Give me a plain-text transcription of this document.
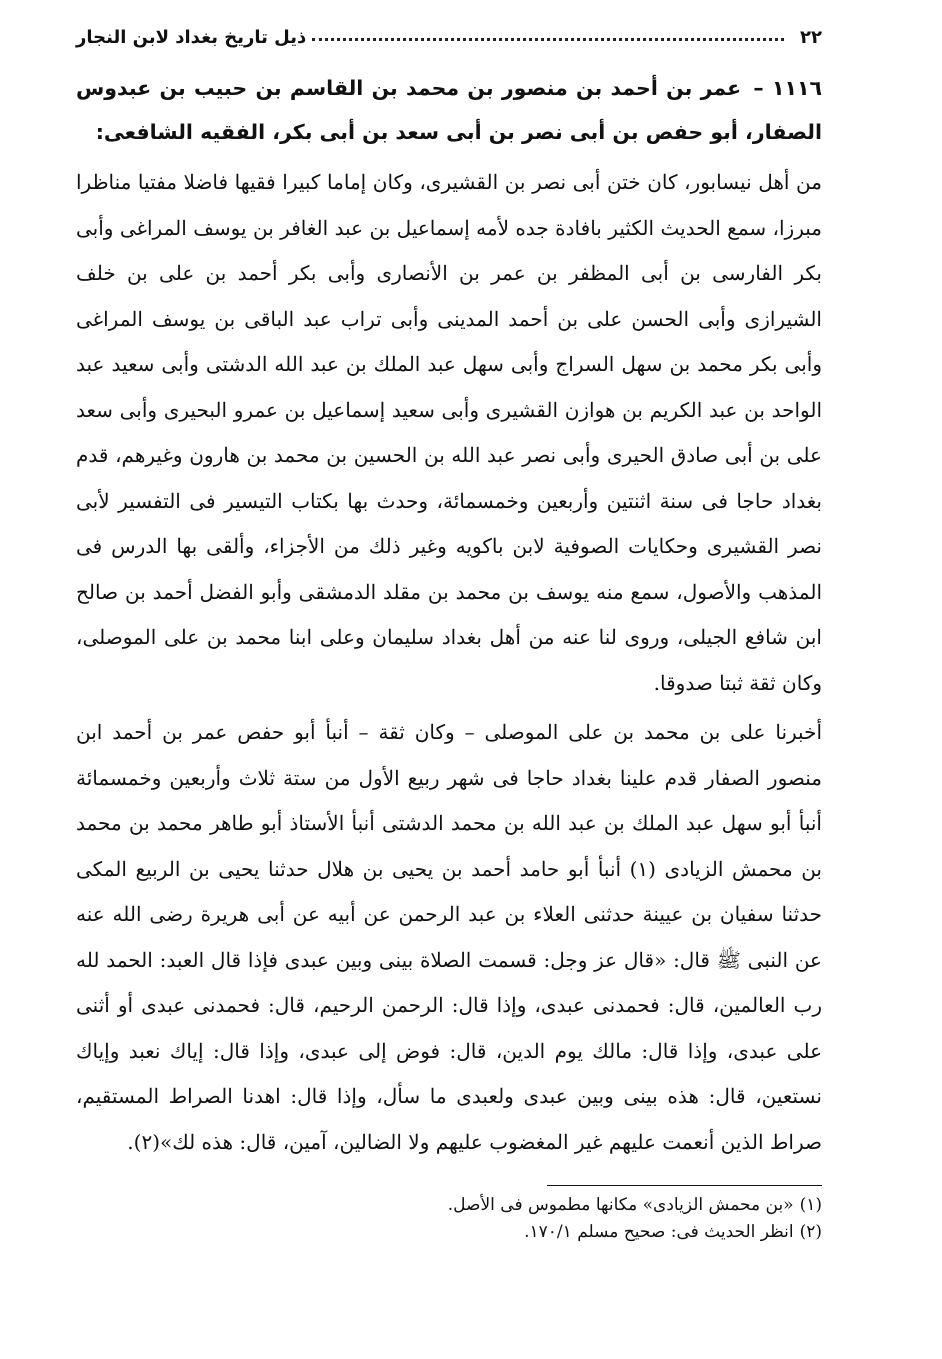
٢٢
ذيل تاريخ بغداد لابن النجار
١١١٦ – عمر بن أحمد بن منصور بن محمد بن القاسم بن حبيب بن عبدوس الصفار، أبو حفص بن أبى نصر بن أبى سعد بن أبى بكر، الفقيه الشافعى:

من أهل نيسابور، كان ختن أبى نصر بن القشيرى، وكان إماما كبيرا فقيها فاضلا مفتيا مناظرا مبرزا، سمع الحديث الكثير بافادة جده لأمه إسماعيل بن عبد الغافر بن يوسف المراغى وأبى بكر الفارسى بن أبى المظفر بن عمر بن الأنصارى وأبى بكر أحمد بن على بن خلف الشيرازى وأبى الحسن على بن أحمد المدينى وأبى تراب عبد الباقى بن يوسف المراغى وأبى بكر محمد بن سهل السراج وأبى سهل عبد الملك بن عبد الله الدشتى وأبى سعيد عبد الواحد بن عبد الكريم بن هوازن القشيرى وأبى سعيد إسماعيل بن عمرو البحيرى وأبى سعد على بن أبى صادق الحيرى وأبى نصر عبد الله بن الحسين بن محمد بن هارون وغيرهم، قدم بغداد حاجا فى سنة اثنتين وأربعين وخمسمائة، وحدث بها بكتاب التيسير فى التفسير لأبى نصر القشيرى وحكايات الصوفية لابن باكويه وغير ذلك من الأجزاء، وألقى بها الدرس فى المذهب والأصول، سمع منه يوسف بن محمد بن مقلد الدمشقى وأبو الفضل أحمد بن صالح ابن شافع الجيلى، وروى لنا عنه من أهل بغداد سليمان وعلى ابنا محمد بن على الموصلى، وكان ثقة ثبتا صدوقا.

أخبرنا على بن محمد بن على الموصلى – وكان ثقة – أنبأ أبو حفص عمر بن أحمد ابن منصور الصفار قدم علينا بغداد حاجا فى شهر ربيع الأول من ستة ثلاث وأربعين وخمسمائة أنبأ أبو سهل عبد الملك بن عبد الله بن محمد الدشتى أنبأ الأستاذ أبو طاهر محمد بن محمد بن محمش الزيادى (١) أنبأ أبو حامد أحمد بن يحيى بن هلال حدثنا يحيى بن الربيع المكى حدثنا سفيان بن عيينة حدثنى العلاء بن عبد الرحمن عن أبيه عن أبى هريرة رضى الله عنه عن النبى ﷺ قال: «قال عز وجل: قسمت الصلاة بينى وبين عبدى فإذا قال العبد: الحمد لله رب العالمين، قال: فحمدنى عبدى، وإذا قال: الرحمن الرحيم، قال: فحمدنى عبدى أو أثنى على عبدى، وإذا قال: مالك يوم الدين، قال: فوض إلى عبدى، وإذا قال: إياك نعبد وإياك نستعين، قال: هذه بينى وبين عبدى ولعبدى ما سأل، وإذا قال: اهدنا الصراط المستقيم، صراط الذين أنعمت عليهم غير المغضوب عليهم ولا الضالين، آمين، قال: هذه لك»(٢).

(١)«بن محمش الزيادى» مكانها مطموس فى الأصل.
(٢)انظر الحديث فى: صحيح مسلم ١٧٠/١.
